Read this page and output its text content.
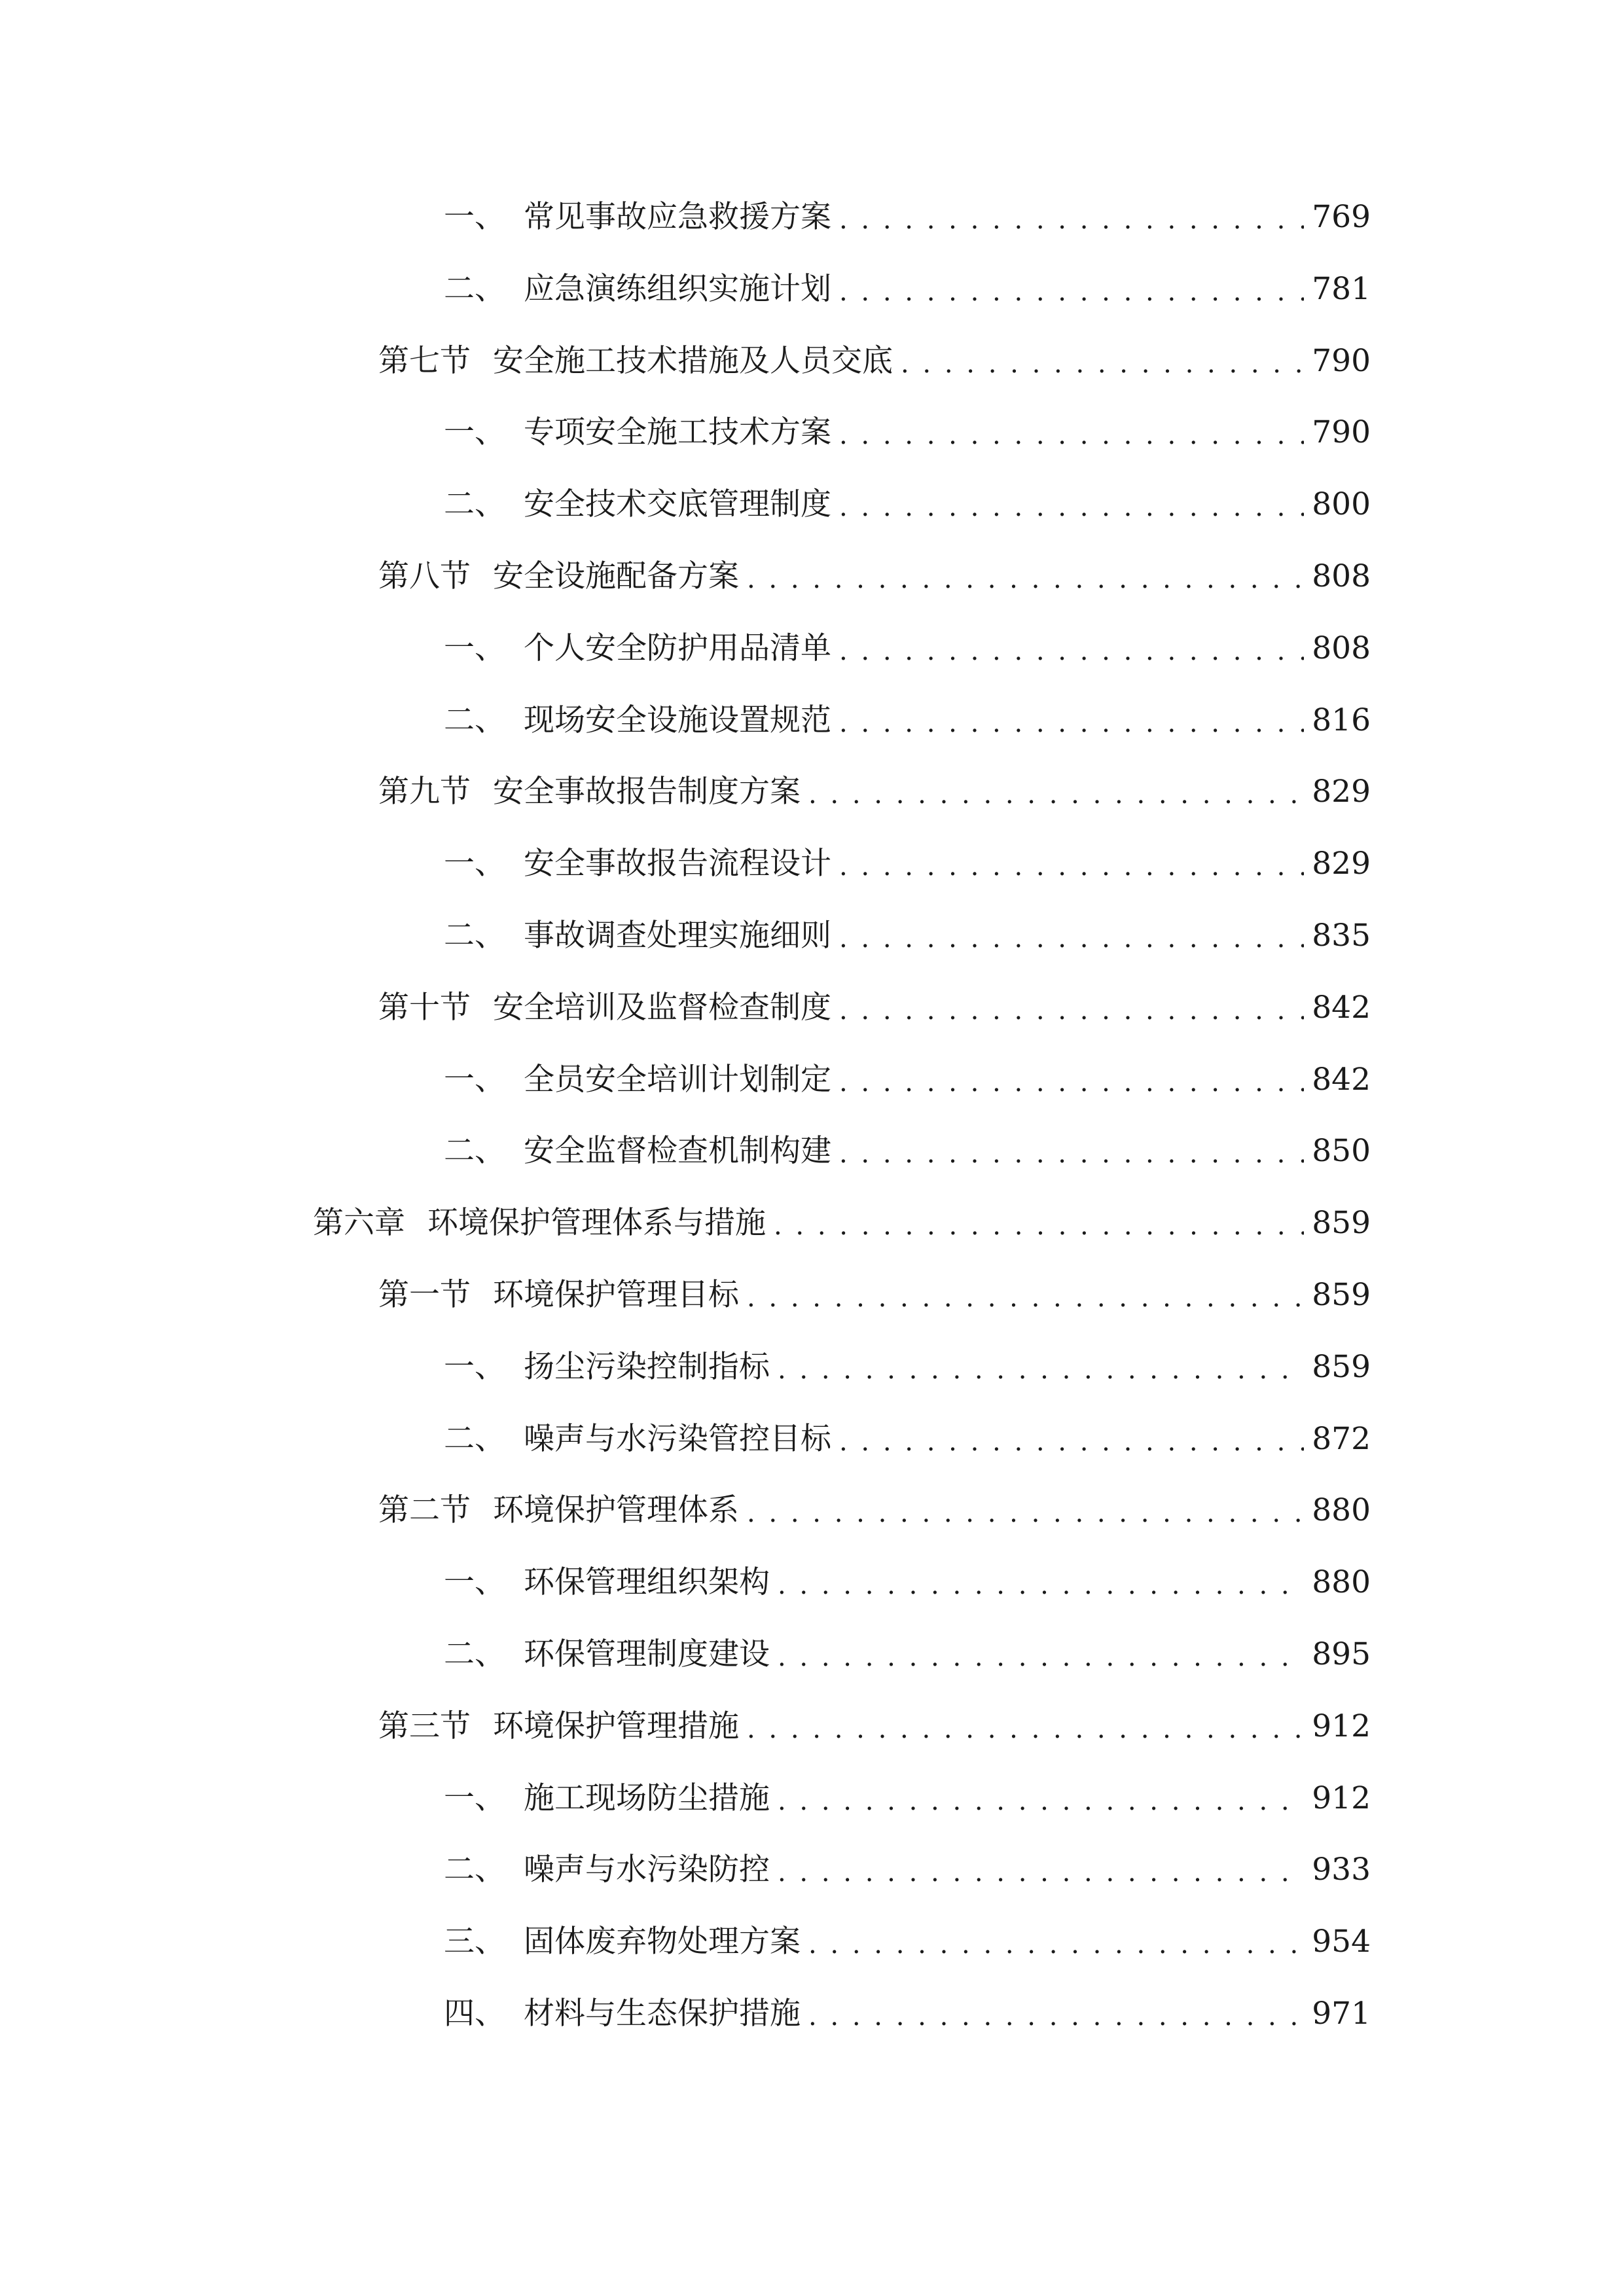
一、 常见事故应急救援方案 . . .	769
二、 应急演练组织实施计划 . . .	781
第七节 安全施工技术措施及人员交底 . . .	790
一、 专项安全施工技术方案 . . .	790
二、 安全技术交底管理制度 . . .	800
第八节 安全设施配备方案 . . .	808
一、 个人安全防护用品清单 . . .	808
二、 现场安全设施设置规范 . . .	816
第九节 安全事故报告制度方案 . . .	829
一、 安全事故报告流程设计 . . .	829
二、 事故调查处理实施细则 . . .	835
第十节 安全培训及监督检查制度 . . .	842
一、 全员安全培训计划制定 . . .	842
二、 安全监督检查机制构建 . . .	850
第六章 环境保护管理体系与措施 . . .	859
第一节 环境保护管理目标 . . .	859
一、 扬尘污染控制指标 . . .	859
二、 噪声与水污染管控目标 . . .	872
第二节 环境保护管理体系 . . .	880
一、 环保管理组织架构 . . .	880
二、 环保管理制度建设 . . .	895
第三节 环境保护管理措施 . . .	912
一、 施工现场防尘措施 . . .	912
二、 噪声与水污染防控 . . .	933
三、 固体废弃物处理方案 . . .	954
四、 材料与生态保护措施 . . .	971
